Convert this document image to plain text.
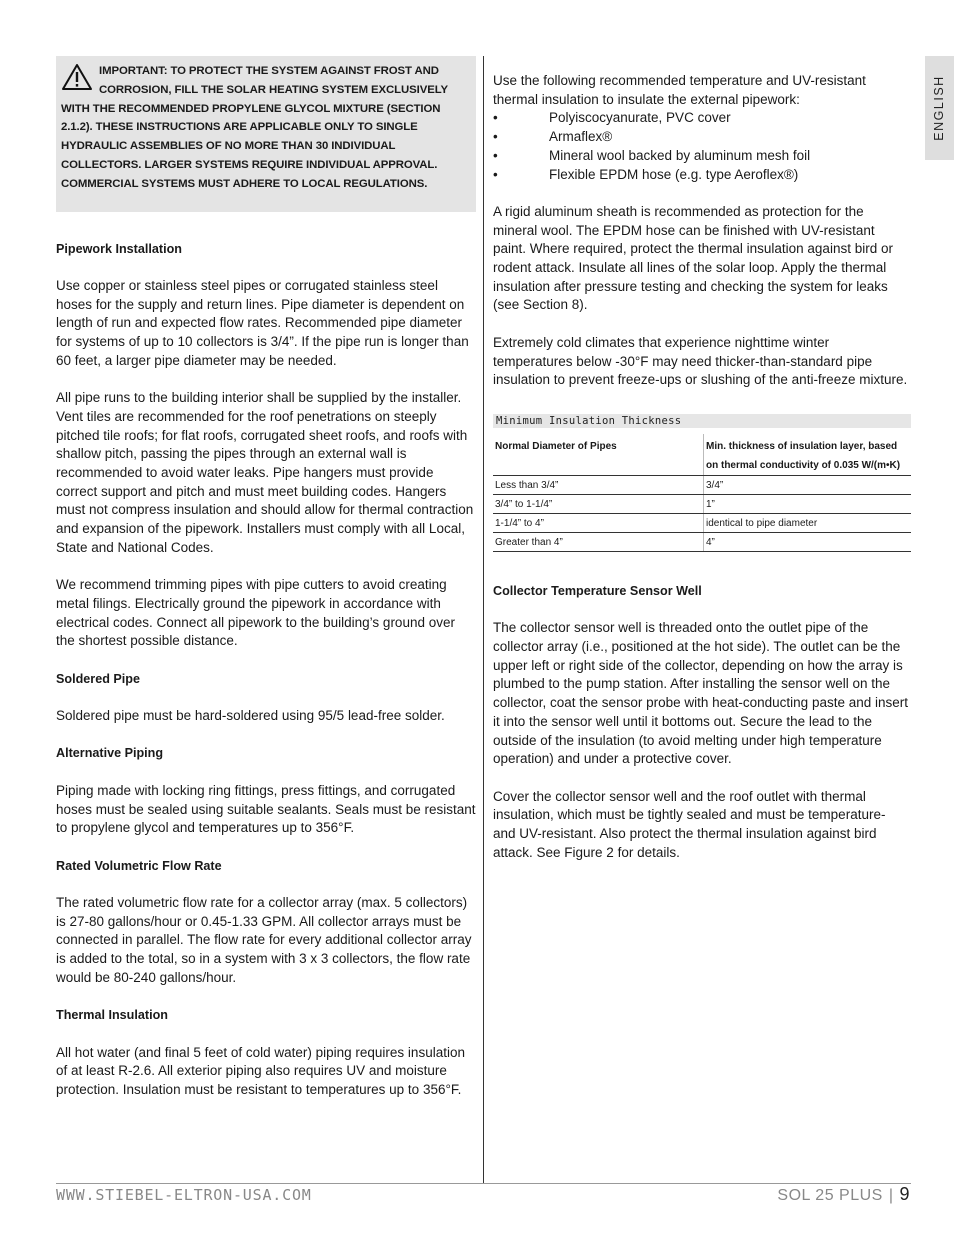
IMPORTANT: TO PROTECT THE SYSTEM AGAINST FROST AND CORROSION, FILL THE SOLAR HEATING SYSTEM EXCLUSIVELY WITH THE RECOMMENDED PROPYLENE GLYCOL MIXTURE (SECTION 2.1.2). THESE INSTRUCTIONS ARE APPLICABLE ONLY TO SINGLE HYDRAULIC ASSEMBLIES OF NO MORE THAN 30 INDIVIDUAL COLLECTORS. LARGER SYSTEMS REQUIRE INDIVIDUAL APPROVAL. COMMERCIAL SYSTEMS MUST ADHERE TO LOCAL REGULATIONS.
Pipework Installation

Use copper or stainless steel pipes or corrugated stainless steel hoses for the supply and return lines. Pipe diameter is dependent on length of run and expected flow rates. Recommended pipe diameter for systems of up to 10 collectors is 3/4”. If the pipe run is longer than 60 feet, a larger pipe diameter may be needed.

All pipe runs to the building interior shall be supplied by the installer. Vent tiles are recommended for the roof penetrations on steeply pitched tile roofs; for flat roofs, corrugated sheet roofs, and roofs with shallow pitch, passing the pipes through an external wall is recommended to avoid water leaks. Pipe hangers must provide correct support and pitch and must meet building codes. Hangers must not compress insulation and should allow for thermal contraction and expansion of the pipework. Installers must comply with all Local, State and National Codes.

We recommend trimming pipes with pipe cutters to avoid creating metal filings. Electrically ground the pipework in accordance with electrical codes. Connect all pipework to the building’s ground over the shortest possible distance.

Soldered Pipe

Soldered pipe must be hard-soldered using 95/5 lead-free solder.

Alternative Piping

Piping made with locking ring fittings, press fittings, and corrugated hoses must be sealed using suitable sealants. Seals must be resistant to propylene glycol and temperatures up to 356°F.

Rated Volumetric Flow Rate

The rated volumetric flow rate for a collector array (max. 5 collectors) is 27-80 gallons/hour or 0.45-1.33 GPM. All collector arrays must be connected in parallel. The flow rate for every additional collector array is added to the total, so in a system with 3 x 3 collectors, the flow rate would be 80-240 gallons/hour.

Thermal Insulation

All hot water (and final 5 feet of cold water) piping requires insulation of at least R-2.6. All exterior piping also requires UV and moisture protection. Insulation must be resistant to temperatures up to 356°F.

Use the following recommended temperature and UV-resistant thermal insulation to insulate the external pipework:

• Polyiscocyanurate, PVC cover
• Armaflex®
• Mineral wool backed by aluminum mesh foil
• Flexible EPDM hose (e.g. type Aeroflex®)

A rigid aluminum sheath is recommended as protection for the mineral wool. The EPDM hose can be finished with UV-resistant paint. Where required, protect the thermal insulation against bird or rodent attack. Insulate all lines of the solar loop. Apply the thermal insulation after pressure testing and checking the system for leaks (see Section 8).

Extremely cold climates that experience nighttime winter temperatures below -30°F may need thicker-than-standard pipe insulation to prevent freeze-ups or slushing of the anti-freeze mixture.

Minimum Insulation Thickness
Normal Diameter of Pipes	Min. thickness of insulation layer, based on thermal conductivity of 0.035 W/(m•K)
Less than 3/4”	3/4”
3/4” to 1-1/4”	1”
1-1/4” to 4”	identical to pipe diameter
Greater than 4”	4”
Collector Temperature Sensor Well

The collector sensor well is threaded onto the outlet pipe of the collector array (i.e., positioned at the hot side). The outlet can be the upper left or right side of the collector, depending on how the array is plumbed to the pump station. After installing the sensor well on the collector, coat the sensor probe with heat-conducting paste and insert it into the sensor well until it bottoms out. Secure the lead to the outside of the insulation (to avoid melting under high temperature operation) and under a protective cover.

Cover the collector sensor well and the roof outlet with thermal insulation, which must be tightly sealed and must be temperature- and UV-resistant. Also protect the thermal insulation against bird attack. See Figure 2 for details.

ENGLISH
WWW.STIEBEL-ELTRON-USA.COM	SOL 25 PLUS | 9
